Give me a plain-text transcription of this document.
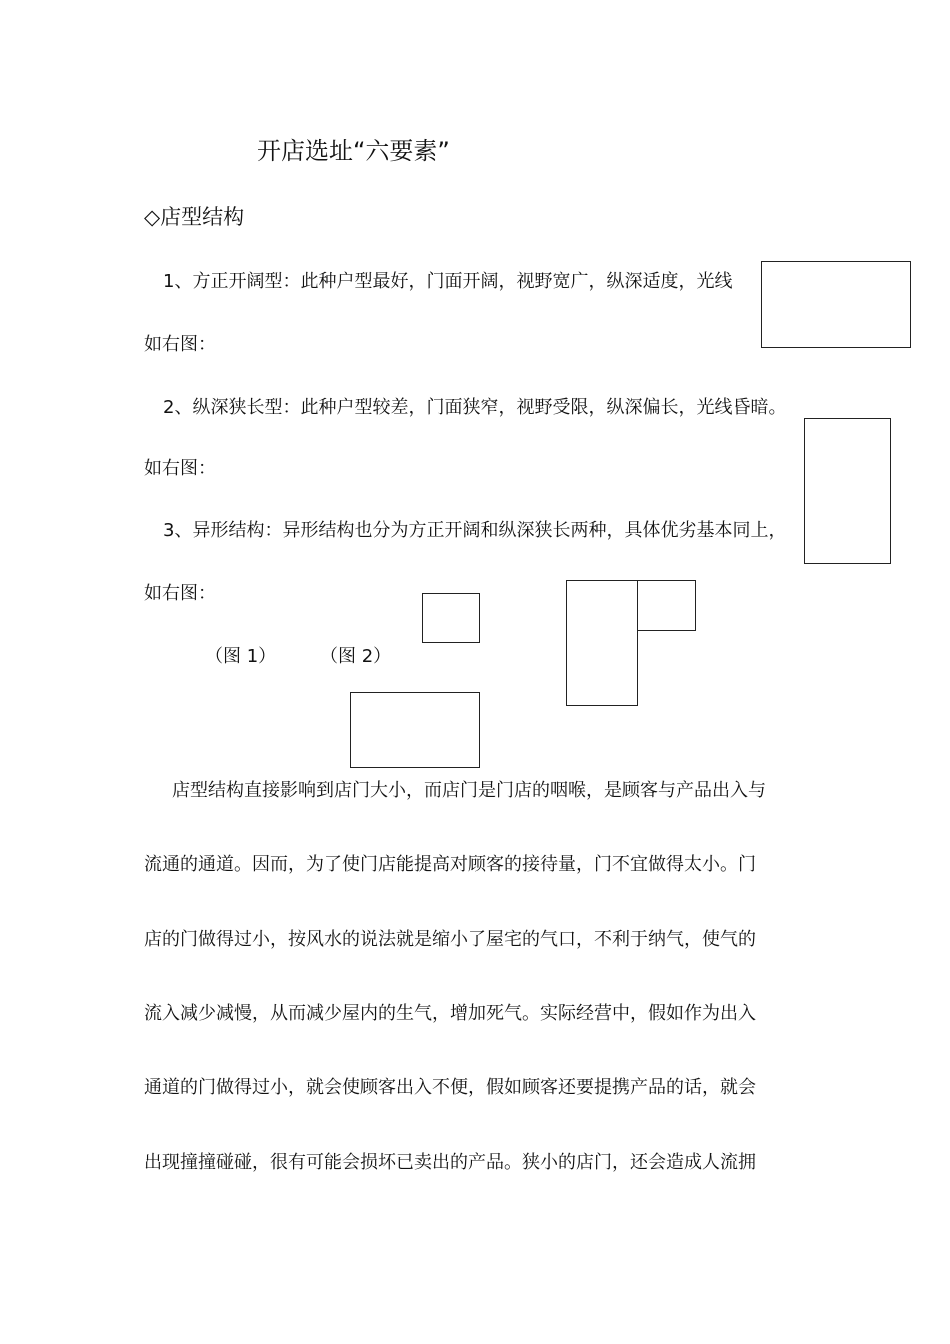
开店选址“六要素”
◇店型结构
1、方正开阔型：此种户型最好，门面开阔，视野宽广，纵深适度，光线
如右图：
2、纵深狭长型：此种户型较差，门面狭窄，视野受限，纵深偏长，光线昏暗。
如右图：
3、异形结构：异形结构也分为方正开阔和纵深狭长两种，具体优劣基本同上，
如右图：
（图 1） （图 2）
店型结构直接影响到店门大小，而店门是门店的咽喉，是顾客与产品出入与
流通的通道。因而，为了使门店能提高对顾客的接待量，门不宜做得太小。门
店的门做得过小，按风水的说法就是缩小了屋宅的气口，不利于纳气，使气的
流入减少减慢，从而减少屋内的生气，增加死气。实际经营中，假如作为出入
通道的门做得过小，就会使顾客出入不便，假如顾客还要提携产品的话，就会
出现撞撞碰碰，很有可能会损坏已卖出的产品。狭小的店门，还会造成人流拥
